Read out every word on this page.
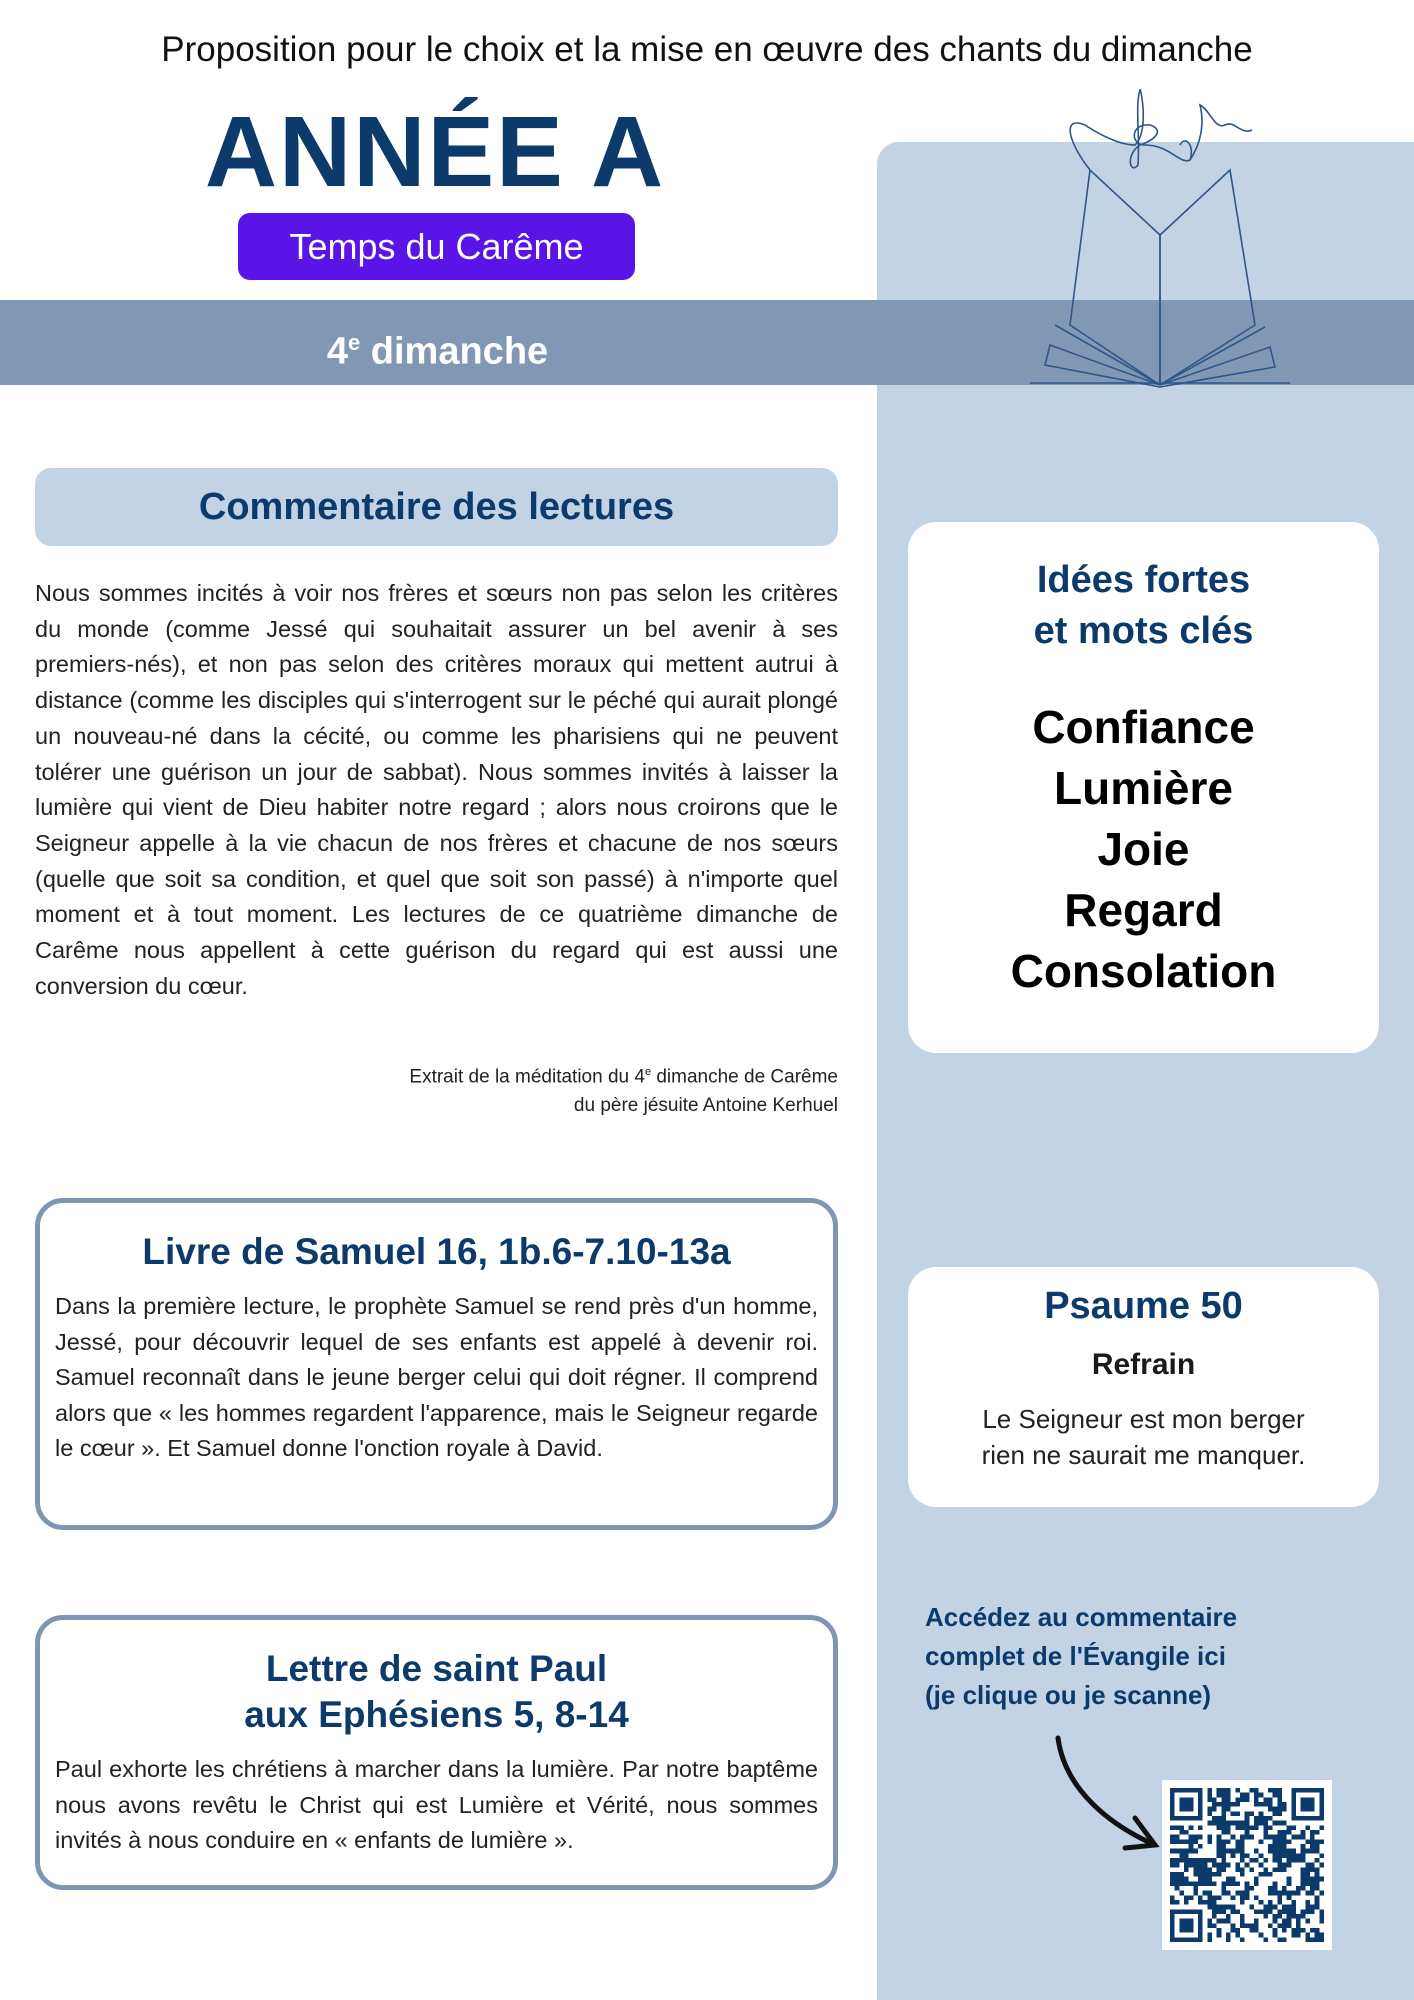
Proposition pour le choix et la mise en œuvre des chants du dimanche
ANNÉE A
Temps du Carême
4e dimanche
Commentaire des lectures

Nous sommes incités à voir nos frères et sœurs non pas selon les critères du monde (comme Jessé qui souhaitait assurer un bel avenir à ses premiers-nés), et non pas selon des critères moraux qui mettent autrui à distance (comme les disciples qui s'interrogent sur le péché qui aurait plongé un nouveau-né dans la cécité, ou comme les pharisiens qui ne peuvent tolérer une guérison un jour de sabbat). Nous sommes invités à laisser la lumière qui vient de Dieu habiter notre regard ; alors nous croirons que le Seigneur appelle à la vie chacun de nos frères et chacune de nos sœurs (quelle que soit sa condition, et quel que soit son passé) à n'importe quel moment et à tout moment. Les lectures de ce quatrième dimanche de Carême nous appellent à cette guérison du regard qui est aussi une conversion du cœur.

Extrait de la méditation du 4e dimanche de Carême
du père jésuite Antoine Kerhuel
Livre de Samuel 16, 1b.6-7.10-13a

Dans la première lecture, le prophète Samuel se rend près d'un homme, Jessé, pour découvrir lequel de ses enfants est appelé à devenir roi. Samuel reconnaît dans le jeune berger celui qui doit régner. Il comprend alors que « les hommes regardent l'apparence, mais le Seigneur regarde le cœur ». Et Samuel donne l'onction royale à David.

Lettre de saint Paul
aux Ephésiens 5, 8-14

Paul exhorte les chrétiens à marcher dans la lumière. Par notre baptême nous avons revêtu le Christ qui est Lumière et Vérité, nous sommes invités à nous conduire en « enfants de lumière ».

Idées fortes
et mots clés
Confiance
Lumière
Joie
Regard
Consolation
Psaume 50
Refrain

Le Seigneur est mon berger
rien ne saurait me manquer.

Accédez au commentaire
complet de l'Évangile ici
(je clique ou je scanne)
